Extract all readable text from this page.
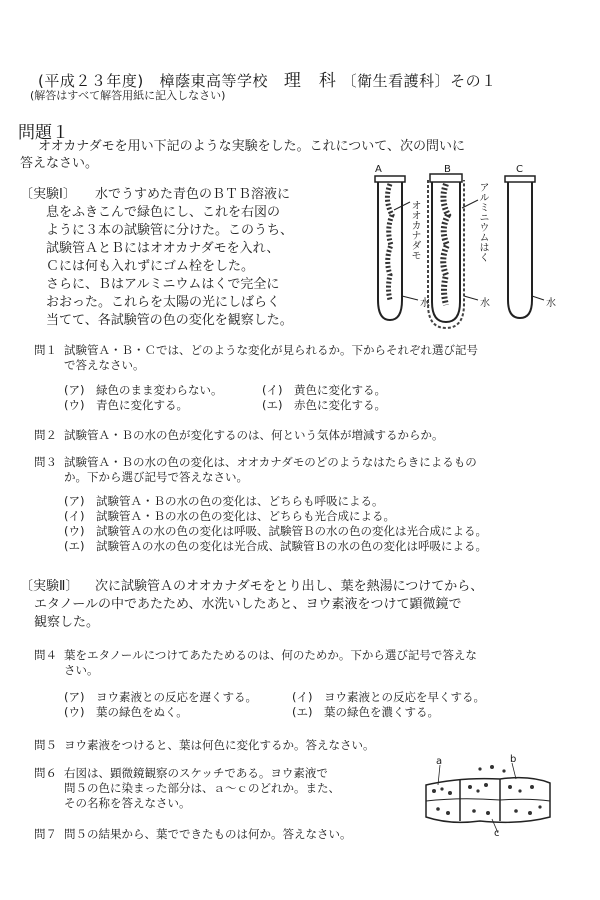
(平成２３年度) 樟蔭東高等学校 理　科 〔衛生看護科〕その１
(解答はすべて解答用紙に記入しなさい)
問題１
オオカナダモを用い下記のような実験をした。これについて、次の問いに
答えなさい。
〔実験Ⅰ〕 水でうすめた青色のＢＴＢ溶液に
息をふきこんで緑色にし、これを右図の
ように３本の試験管に分けた。このうち、
試験管ＡとＢにはオオカナダモを入れ、
Ｃには何も入れずにゴム栓をした。
さらに、Ｂはアルミニウムはくで完全に
おおった。これらを太陽の光にしばらく
当てて、各試験管の色の変化を観察した。
A	B	C
オオカナダモ	アルミニウムはく
水	水	水
問１ 試験管Ａ・Ｂ・Ｃでは、どのような変化が見られるか。下からそれぞれ選び記号
で答えなさい。
(ア)　緑色のまま変わらない。	(イ)　黄色に変化する。
(ウ)　青色に変化する。	(エ)　赤色に変化する。
問２ 試験管Ａ・Ｂの水の色が変化するのは、何という気体が増減するからか。
問３ 試験管Ａ・Ｂの水の色の変化は、オオカナダモのどのようなはたらきによるもの
か。下から選び記号で答えなさい。
(ア)　試験管Ａ・Ｂの水の色の変化は、どちらも呼吸による。
(イ)　試験管Ａ・Ｂの水の色の変化は、どちらも光合成による。
(ウ)　試験管Ａの水の色の変化は呼吸、試験管Ｂの水の色の変化は光合成による。
(エ)　試験管Ａの水の色の変化は光合成、試験管Ｂの水の色の変化は呼吸による。
〔実験Ⅱ〕 次に試験管Ａのオオカナダモをとり出し、葉を熱湯につけてから、
エタノールの中であたため、水洗いしたあと、ヨウ素液をつけて顕微鏡で
観察した。
問４ 葉をエタノールにつけてあたためるのは、何のためか。下から選び記号で答えな
さい。
(ア)　ヨウ素液との反応を遅くする。	(イ)　ヨウ素液との反応を早くする。
(ウ)　葉の緑色をぬく。	(エ)　葉の緑色を濃くする。
問５ ヨウ素液をつけると、葉は何色に変化するか。答えなさい。
問６ 右図は、顕微鏡観察のスケッチである。ヨウ素液で
問５の色に染まった部分は、ａ～ｃのどれか。また、
その名称を答えなさい。
a	b
c
問７ 問５の結果から、葉でできたものは何か。答えなさい。
